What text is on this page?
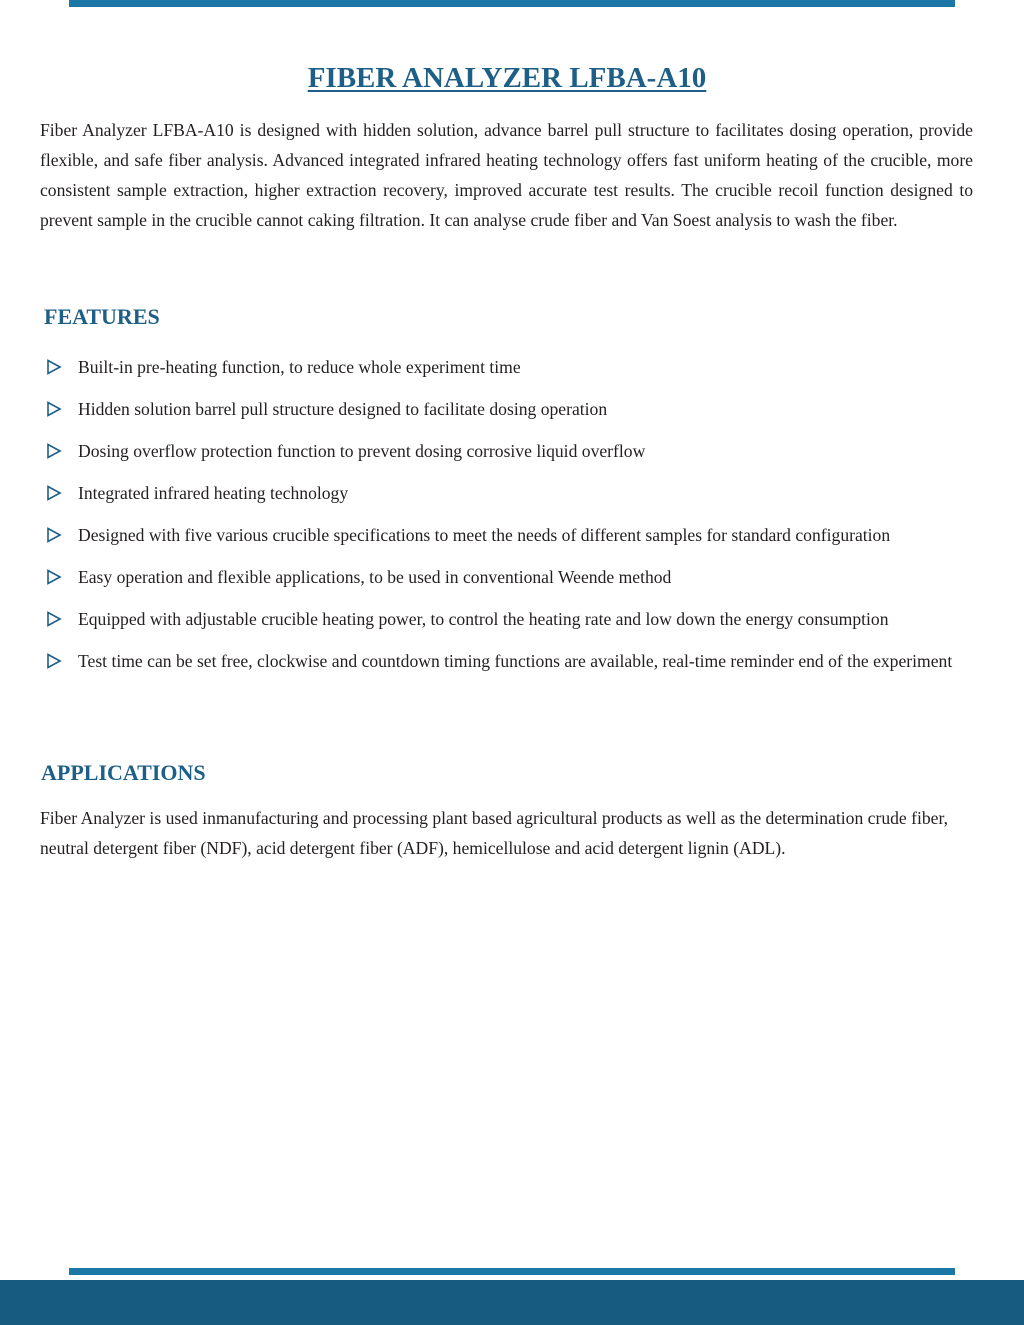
FIBER ANALYZER LFBA-A10

Fiber Analyzer LFBA-A10 is designed with hidden solution, advance barrel pull structure to facilitates dosing operation, provide flexible, and safe fiber analysis. Advanced integrated infrared heating technology offers fast uniform heating of the crucible, more consistent sample extraction, higher extraction recovery, improved accurate test results. The crucible recoil function designed to prevent sample in the crucible cannot caking filtration. It can analyse crude fiber and Van Soest analysis to wash the fiber.

FEATURES
Built-in pre-heating function, to reduce whole experiment time
Hidden solution barrel pull structure designed to facilitate dosing operation
Dosing overflow protection function to prevent dosing corrosive liquid overflow
Integrated infrared heating technology
Designed with five various crucible specifications to meet the needs of different samples for standard configuration
Easy operation and flexible applications, to be used in conventional Weende method
Equipped with adjustable crucible heating power, to control the heating rate and low down the energy consumption
Test time can be set free, clockwise and countdown timing functions are available, real-time reminder end of the experiment
APPLICATIONS

Fiber Analyzer is used inmanufacturing and processing plant based agricultural products as well as the determination crude fiber, neutral detergent fiber (NDF), acid detergent fiber (ADF), hemicellulose and acid detergent lignin (ADL).
